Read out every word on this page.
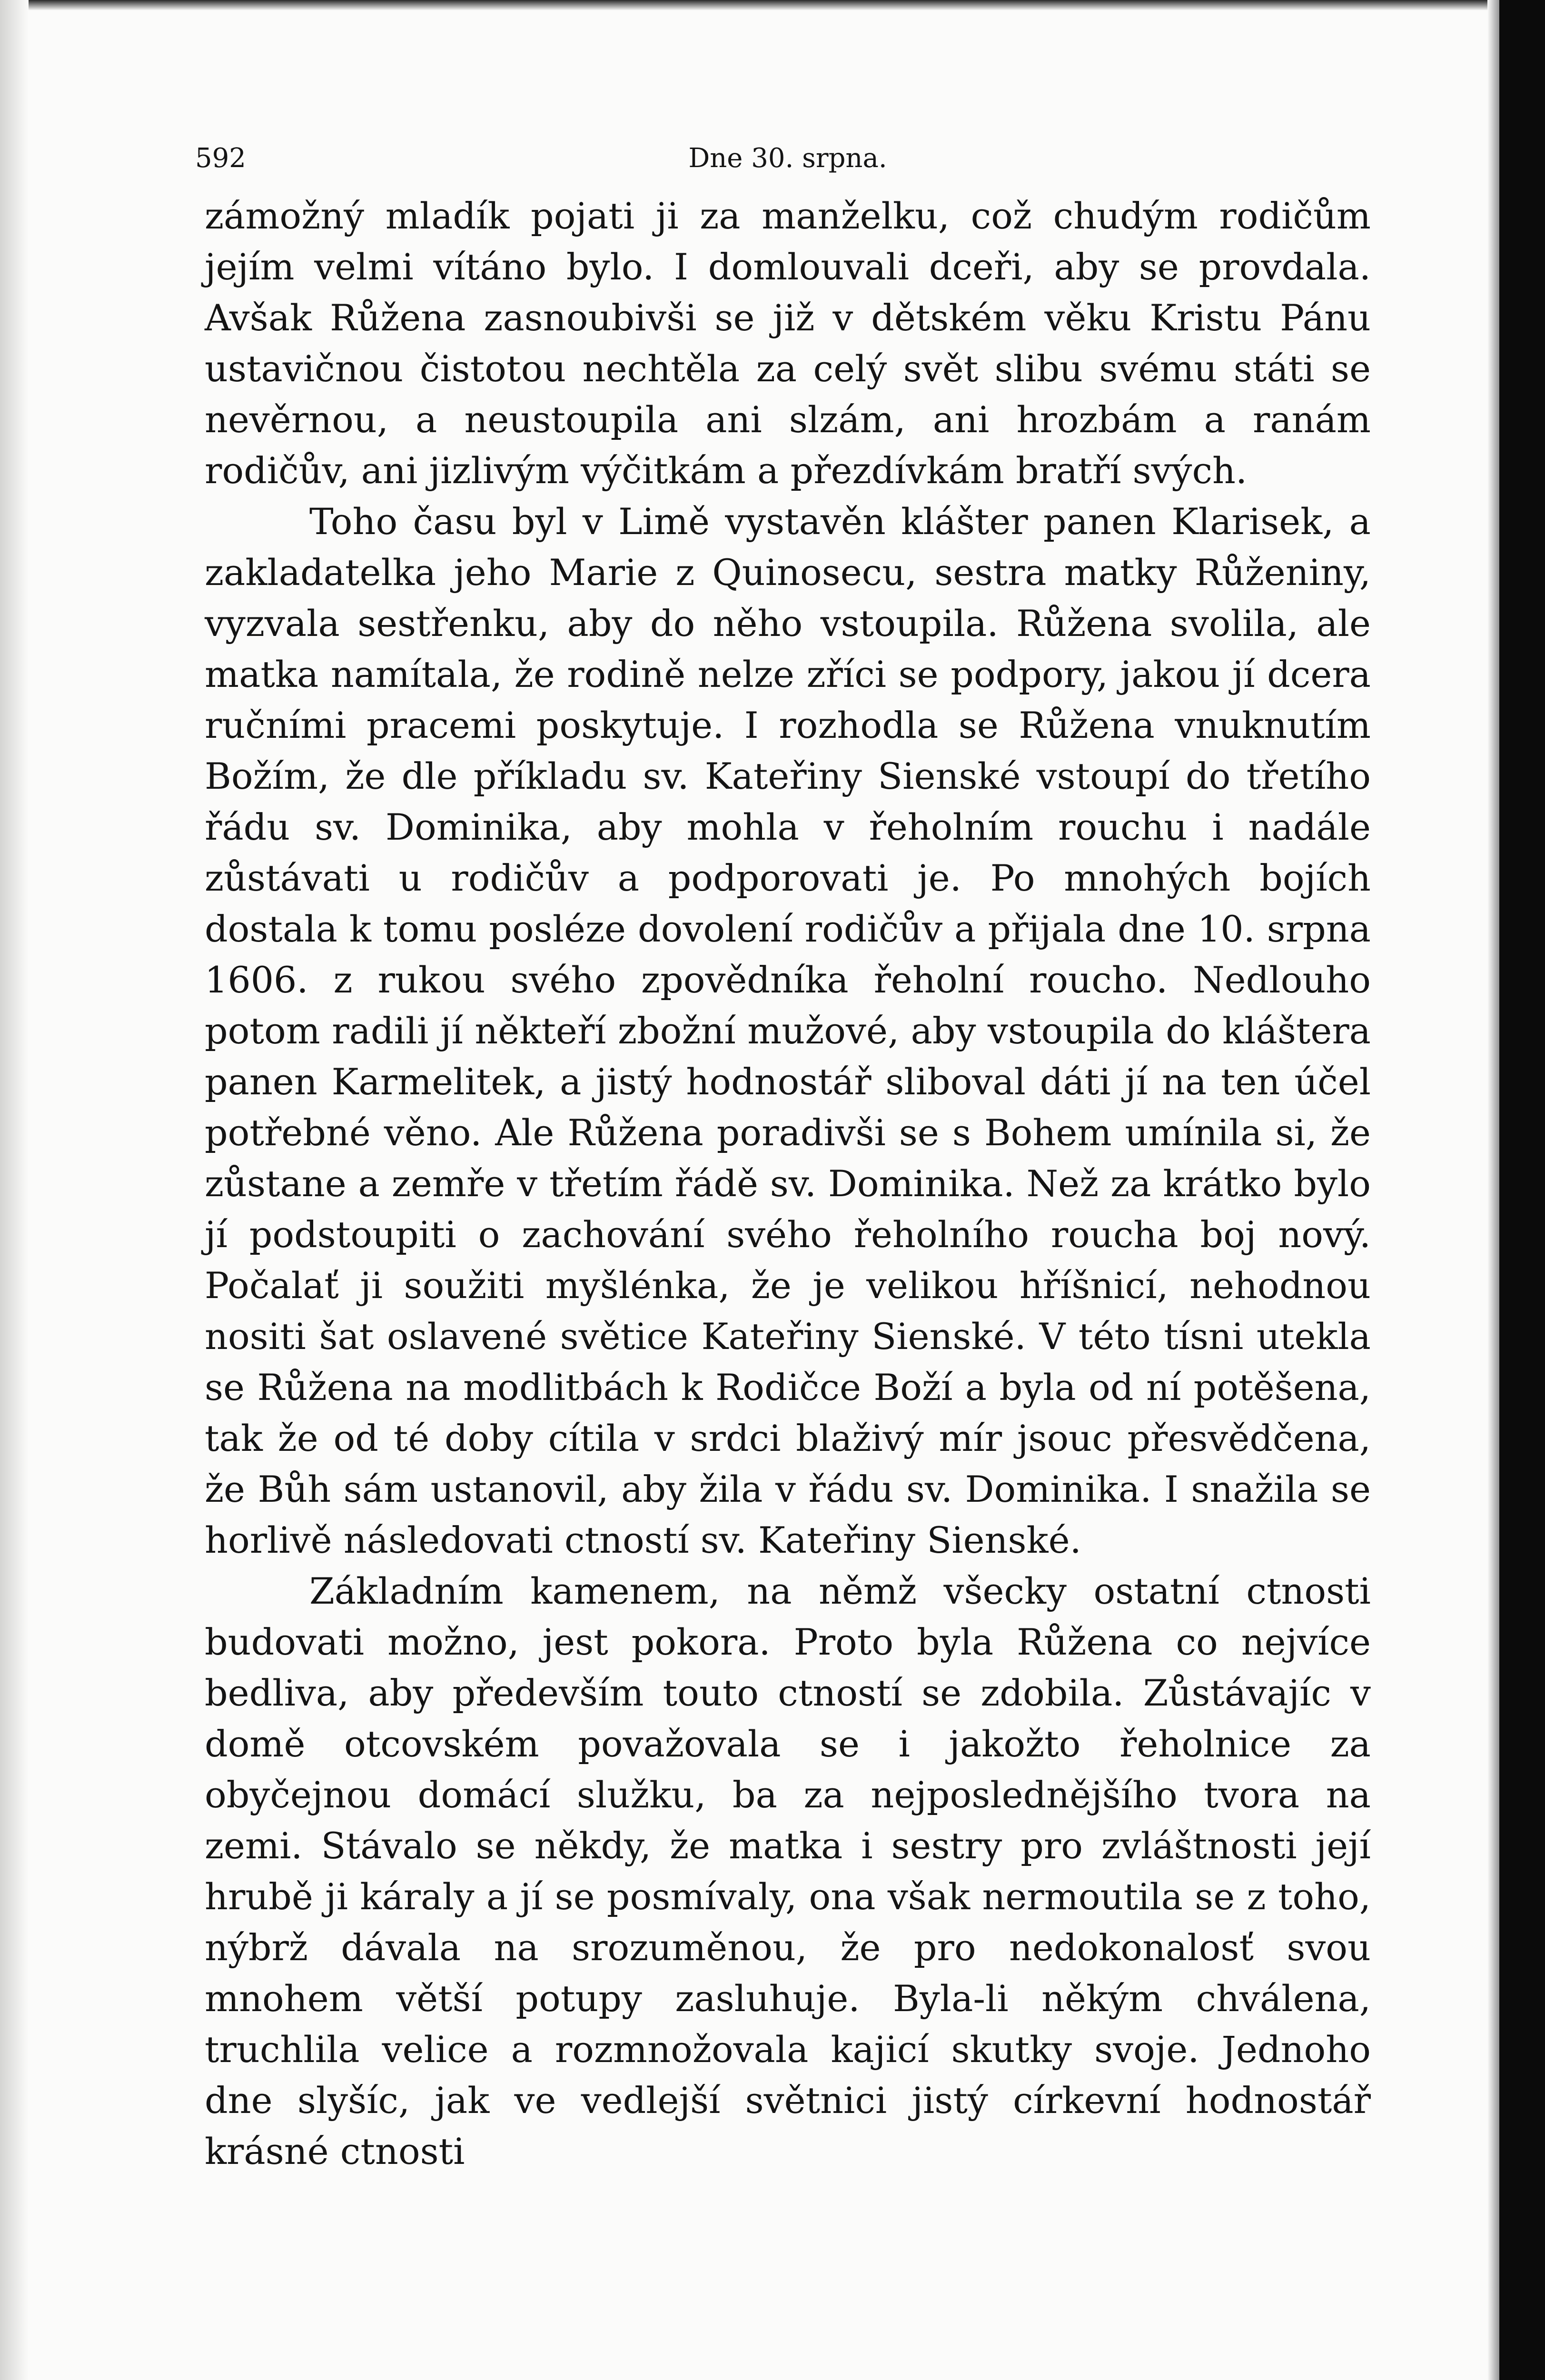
592	Dne 30. srpna.

zámožný mladík pojati ji za manželku, což chudým rodičům jejím velmi vítáno bylo. I domlouvali dceři, aby se provdala. Avšak Růžena zasnoubivši se již v dětském věku Kristu Pánu ustavičnou čistotou nechtěla za celý svět slibu svému státi se nevěrnou, a neustoupila ani slzám, ani hrozbám a ranám rodičův, ani jizlivým výčitkám a přezdívkám bratří svých.

Toho času byl v Limě vystavěn klášter panen Klarisek, a zakladatelka jeho Marie z Quinosecu, sestra matky Růženiny, vyzvala sestřenku, aby do něho vstoupila. Růžena svolila, ale matka namítala, že rodině nelze zříci se podpory, jakou jí dcera ručními pracemi poskytuje. I rozhodla se Růžena vnuknutím Božím, že dle příkladu sv. Kateřiny Sienské vstoupí do třetího řádu sv. Dominika, aby mohla v řeholním rouchu i nadále zůstávati u rodičův a podporovati je. Po mnohých bojích dostala k tomu posléze dovolení rodičův a přijala dne 10. srpna 1606. z rukou svého zpovědníka řeholní roucho. Nedlouho potom radili jí někteří zbožní mužové, aby vstoupila do kláštera panen Karmelitek, a jistý hodnostář sliboval dáti jí na ten účel potřebné věno. Ale Růžena poradivši se s Bohem umínila si, že zůstane a zemře v třetím řádě sv. Dominika. Než za krátko bylo jí podstoupiti o zachování svého řeholního roucha boj nový. Počalať ji soužiti myšlénka, že je velikou hříšnicí, nehodnou nositi šat oslavené světice Kateřiny Sienské. V této tísni utekla se Růžena na modlitbách k Rodičce Boží a byla od ní potěšena, tak že od té doby cítila v srdci blaživý mír jsouc přesvědčena, že Bůh sám ustanovil, aby žila v řádu sv. Dominika. I snažila se horlivě následovati ctností sv. Kateřiny Sienské.

Základním kamenem, na němž všecky ostatní ctnosti budovati možno, jest pokora. Proto byla Růžena co nejvíce bedliva, aby především touto ctností se zdobila. Zůstávajíc v domě otcovském považovala se i jakožto řeholnice za obyčejnou domácí služku, ba za nejposlednějšího tvora na zemi. Stávalo se někdy, že matka i sestry pro zvláštnosti její hrubě ji káraly a jí se posmívaly, ona však nermoutila se z toho, nýbrž dávala na srozuměnou, že pro nedokonalosť svou mnohem větší potupy zasluhuje. Byla-li někým chválena, truchlila velice a rozmnožovala kajicí skutky svoje. Jednoho dne slyšíc, jak ve vedlejší světnici jistý církevní hodnostář krásné ctnosti
